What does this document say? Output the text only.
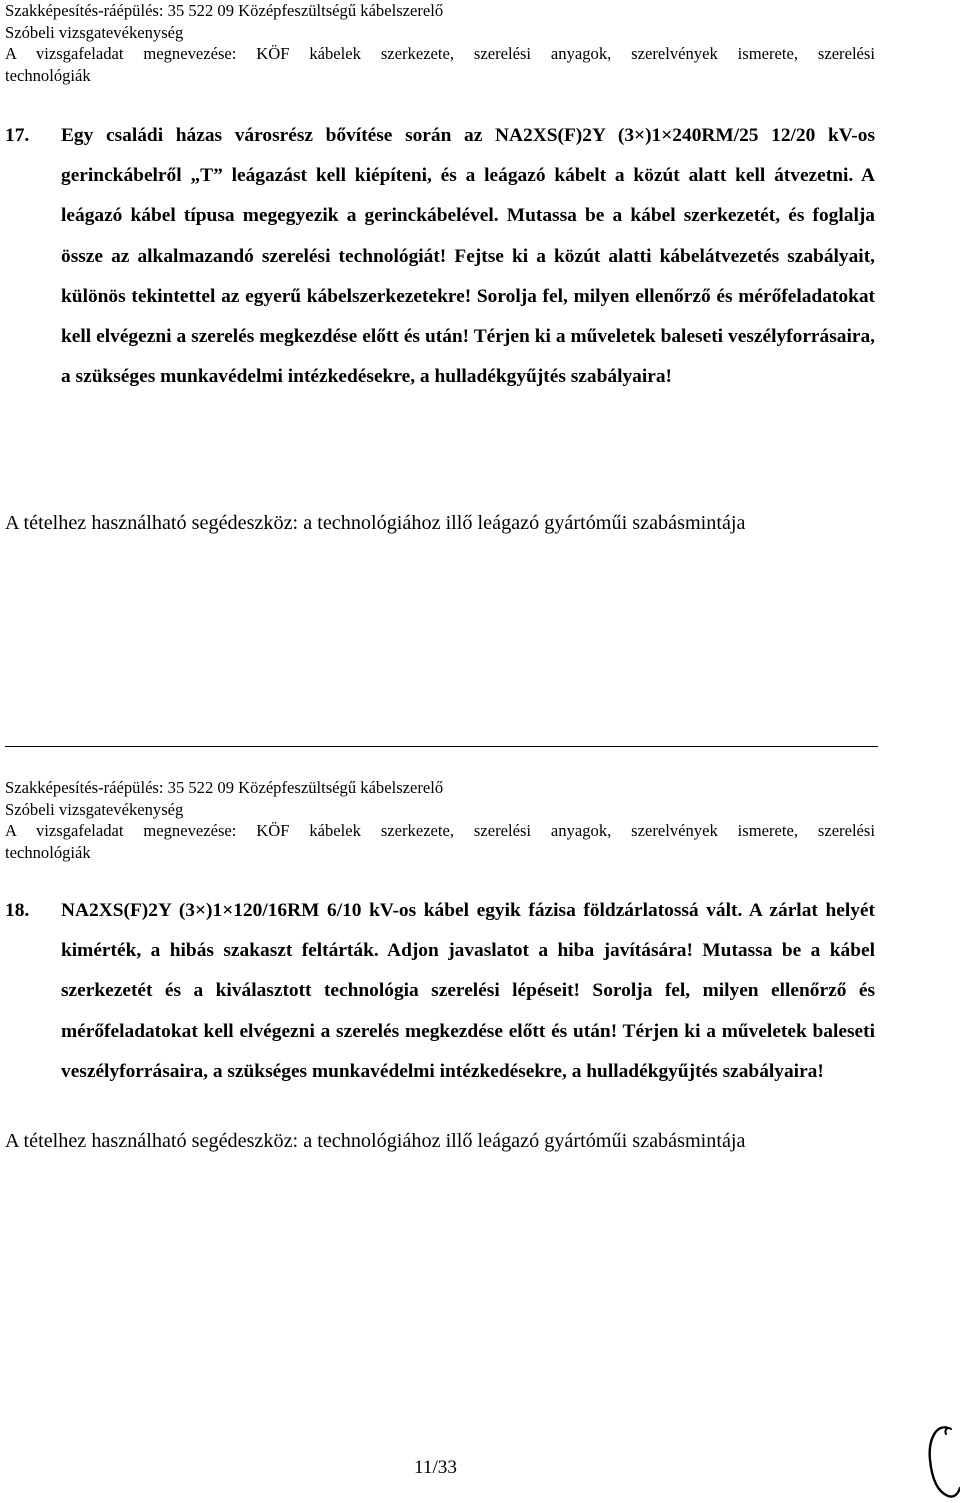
Szakképesítés-ráépülés: 35 522 09 Középfeszültségű kábelszerelő
Szóbeli vizsgatevékenység
A vizsgafeladat megnevezése: KÖF kábelek szerkezete, szerelési anyagok, szerelvények ismerete, szerelési
technológiák
17. Egy családi házas városrész bővítése során az NA2XS(F)2Y (3×)1×240RM/25 12/20 kV-os gerinckábelről „T” leágazást kell kiépíteni, és a leágazó kábelt a közút alatt kell átvezetni. A leágazó kábel típusa megegyezik a gerinckábelével. Mutassa be a kábel szerkezetét, és foglalja össze az alkalmazandó szerelési technológiát! Fejtse ki a közút alatti kábelátvezetés szabályait, különös tekintettel az egyerű kábelszerkezetekre! Sorolja fel, milyen ellenőrző és mérőfeladatokat kell elvégezni a szerelés megkezdése előtt és után! Térjen ki a műveletek baleseti veszélyforrásaira, a szükséges munkavédelmi intézkedésekre, a hulladékgyűjtés szabályaira!
A tételhez használható segédeszköz: a technológiához illő leágazó gyártóműi szabásmintája
Szakképesítés-ráépülés: 35 522 09 Középfeszültségű kábelszerelő
Szóbeli vizsgatevékenység
A vizsgafeladat megnevezése: KÖF kábelek szerkezete, szerelési anyagok, szerelvények ismerete, szerelési
technológiák
18. NA2XS(F)2Y (3×)1×120/16RM 6/10 kV-os kábel egyik fázisa földzárlatossá vált. A zárlat helyét kimérték, a hibás szakaszt feltárták. Adjon javaslatot a hiba javítására! Mutassa be a kábel szerkezetét és a kiválasztott technológia szerelési lépéseit! Sorolja fel, milyen ellenőrző és mérőfeladatokat kell elvégezni a szerelés megkezdése előtt és után! Térjen ki a műveletek baleseti veszélyforrásaira, a szükséges munkavédelmi intézkedésekre, a hulladékgyűjtés szabályaira!
A tételhez használható segédeszköz: a technológiához illő leágazó gyártóműi szabásmintája
11/33
